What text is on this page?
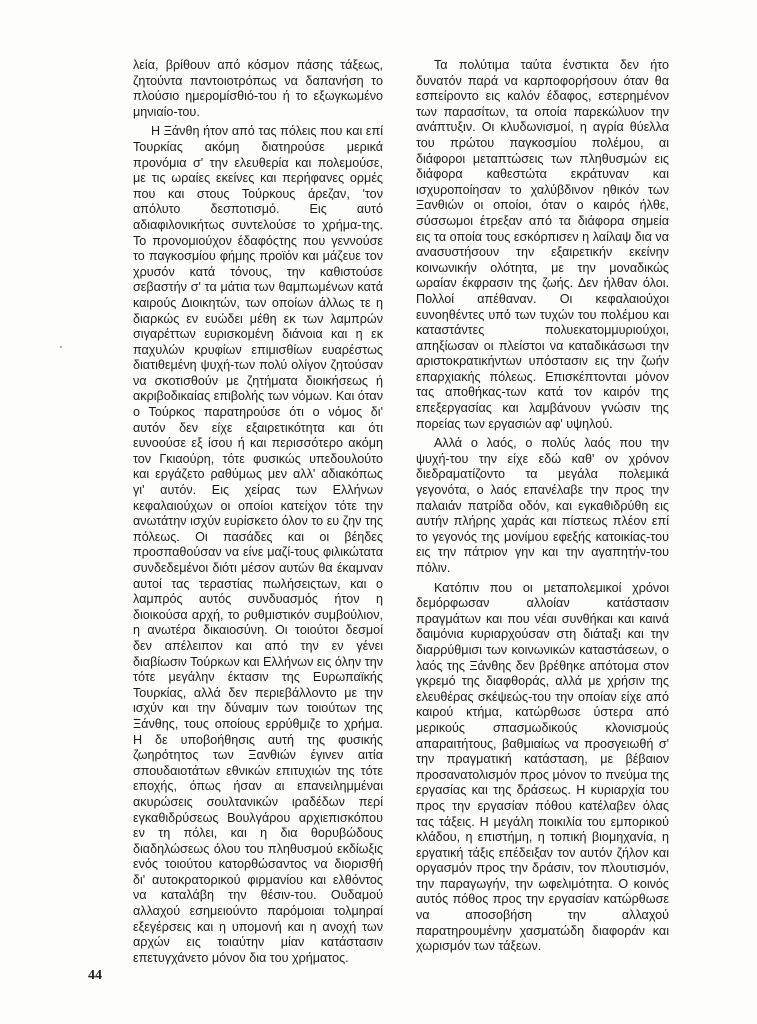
λεία, βρίθουν από κόσμον πάσης τάξεως, ζητούντα παντοιοτρόπως να δαπανήση το πλούσιο ημερομίσθιό-του ή το εξωγκωμένο μηνιαίο-του.

Η Ξάνθη ήτον από τας πόλεις που και επί Τουρκίας ακόμη διατηρούσε μερικά προνόμια σ' την ελευθερία και πολεμούσε, με τις ωραίες εκείνες και περήφανες ορμές που και στους Τούρκους άρεζαν, 'τον απόλυτο δεσποτισμό. Εις αυτό αδιαφιλονικήτως συντελούσε το χρήμα-της. Το προνομιούχον έδαφόςτης που γεννούσε το παγκοσμίου φήμης προϊόν και μάζευε τον χρυσόν κατά τόνους, την καθιστούσε σεβαστήν σ' τα μάτια των θαμπωμένων κατά καιρούς Διοικητών, των οποίων άλλως τε η διαρκώς εν ευώδει μέθη εκ των λαμπρών σιγαρέττων ευρισκομένη διάνοια και η εκ παχυλών κρυφίων επιμισθίων ευαρέστως διατιθεμένη ψυχή-των πολύ ολίγον ζητούσαν να σκοτισθούν με ζητήματα διοικήσεως ή ακριβοδικαίας επιβολής των νόμων. Και όταν ο Τούρκος παρατηρούσε ότι ο νόμος δι' αυτόν δεν είχε εξαιρετικότητα και ότι ευνοούσε εξ ίσου ή και περισσότερο ακόμη τον Γκιαούρη, τότε φυσικώς υπεδουλούτο και εργάζετο ραθύμως μεν αλλ' αδιακόπως γι' αυτόν. Εις χείρας των Ελλήνων κεφαλαιούχων οι οποίοι κατείχον τότε την ανωτάτην ισχύν ευρίσκετο όλον το ευ ζην της πόλεως. Οι πασάδες και οι βέηδες προσπαθούσαν να είνε μαζί-τους φιλικώτατα συνδεδεμένοι διότι μέσον αυτών θα έκαμναν αυτοί τας τεραστίας πωλήσειςτων, και ο λαμπρός αυτός συνδυασμός ήτον η διοικούσα αρχή, το ρυθμιστικόν συμβούλιον, η ανωτέρα δικαιοσύνη. Οι τοιούτοι δεσμοί δεν απέλειπον και από την εν γένει διαβίωσιν Τούρκων και Ελλήνων εις όλην την τότε μεγάλην έκτασιν της Ευρωπαϊκής Τουρκίας, αλλά δεν περιεβάλλοντο με την ισχύν και την δύναμιν των τοιούτων της Ξάνθης, τους οποίους ερρύθμιζε το χρήμα. Η δε υποβοήθησις αυτή της φυσικής ζωηρότητος των Ξανθιών έγινεν αιτία σπουδαιοτάτων εθνικών επιτυχιών της τότε εποχής, όπως ήσαν αι επανειλημμέναι ακυρώσεις σουλτανικών ιραδέδων περί εγκαθιδρύσεως Βουλγάρου αρχιεπισκόπου εν τη πόλει, και η δια θορυβώδους διαδηλώσεως όλου του πληθυσμού εκδίωξις ενός τοιούτου κατορθώσαντος να διορισθή δι' αυτοκρατορικού φιρμανίου και ελθόντος να καταλάβη την θέσιν-του. Ουδαμού αλλαχού εσημειούντο παρόμοιαι τολμηραί εξεγέρσεις και η υπομονή και η ανοχή των αρχών εις τοιαύτην μίαν κατάστασιν επετυγχάνετο μόνον δια του χρήματος.

Τα πολύτιμα ταύτα ένστικτα δεν ήτο δυνατόν παρά να καρποφορήσουν όταν θα εσπείροντο εις καλόν έδαφος, εστερημένον των παρασίτων, τα οποία παρεκώλυον την ανάπτυξιν. Οι κλυδωνισμοί, η αγρία θύελλα του πρώτου παγκοσμίου πολέμου, αι διάφοροι μεταπτώσεις των πληθυσμών εις διάφορα καθεστώτα εκράτυναν και ισχυροποίησαν το χαλύβδινον ηθικόν των Ξανθιών οι οποίοι, όταν ο καιρός ήλθε, σύσσωμοι έτρεξαν από τα διάφορα σημεία εις τα οποία τους εσκόρπισεν η λαίλαψ δια να ανασυστήσουν την εξαιρετικήν εκείνην κοινωνικήν ολότητα, με την μοναδικώς ωραίαν έκφρασιν της ζωής. Δεν ήλθαν όλοι. Πολλοί απέθαναν. Οι κεφαλαιούχοι ευνοηθέντες υπό των τυχών του πολέμου και καταστάντες πολυεκατομμυριούχοι, απηξίωσαν οι πλείστοι να καταδικάσωσι την αριστοκρατικήντων υπόστασιν εις την ζωήν επαρχιακής πόλεως. Επισκέπτονται μόνον τας αποθήκας-των κατά τον καιρόν της επεξεργασίας και λαμβάνουν γνώσιν της πορείας των εργασιών αφ' υψηλού.

Αλλά ο λαός, ο πολύς λαός που την ψυχή-του την είχε εδώ καθ' ον χρόνον διεδραματίζοντο τα μεγάλα πολεμικά γεγονότα, ο λαός επανέλαβε την προς την παλαιάν πατρίδα οδόν, και εγκαθιδρύθη εις αυτήν πλήρης χαράς και πίστεως πλέον επί το γεγονός της μονίμου εφεξής κατοικίας-του εις την πάτριον γην και την αγαπητήν-του πόλιν.

Κατόπιν που οι μεταπολεμικοί χρόνοι δεμόρφωσαν αλλοίαν κατάστασιν πραγμάτων και που νέαι συνθήκαι και καινά δαιμόνια κυριαρχούσαν στη διάταξι και την διαρρύθμισι των κοινωνικών καταστάσεων, ο λαός της Ξάνθης δεν βρέθηκε απότομα στον γκρεμό της διαφθοράς, αλλά με χρήσιν της ελευθέρας σκέψεώς-του την οποίαν είχε από καιρού κτήμα, κατώρθωσε ύστερα από μερικούς σπασμωδικούς κλονισμούς απαραιτήτους, βαθμιαίως να προσγειωθή σ' την πραγματική κατάσταση, με βέβαιον προσανατολισμόν προς μόνον το πνεύμα της εργασίας και της δράσεως. Η κυριαρχία του προς την εργασίαν πόθου κατέλαβεν όλας τας τάξεις. Η μεγάλη ποικιλία του εμπορικού κλάδου, η επιστήμη, η τοπική βιομηχανία, η εργατική τάξις επέδειξαν τον αυτόν ζήλον και οργασμόν προς την δράσιν, τον πλουτισμόν, την παραγωγήν, την ωφελιμότητα. Ο κοινός αυτός πόθος προς την εργασίαν κατώρθωσε να αποσοβήση την αλλαχού παρατηρουμένην χασματώδη διαφοράν και χωρισμόν των τάξεων.

44
